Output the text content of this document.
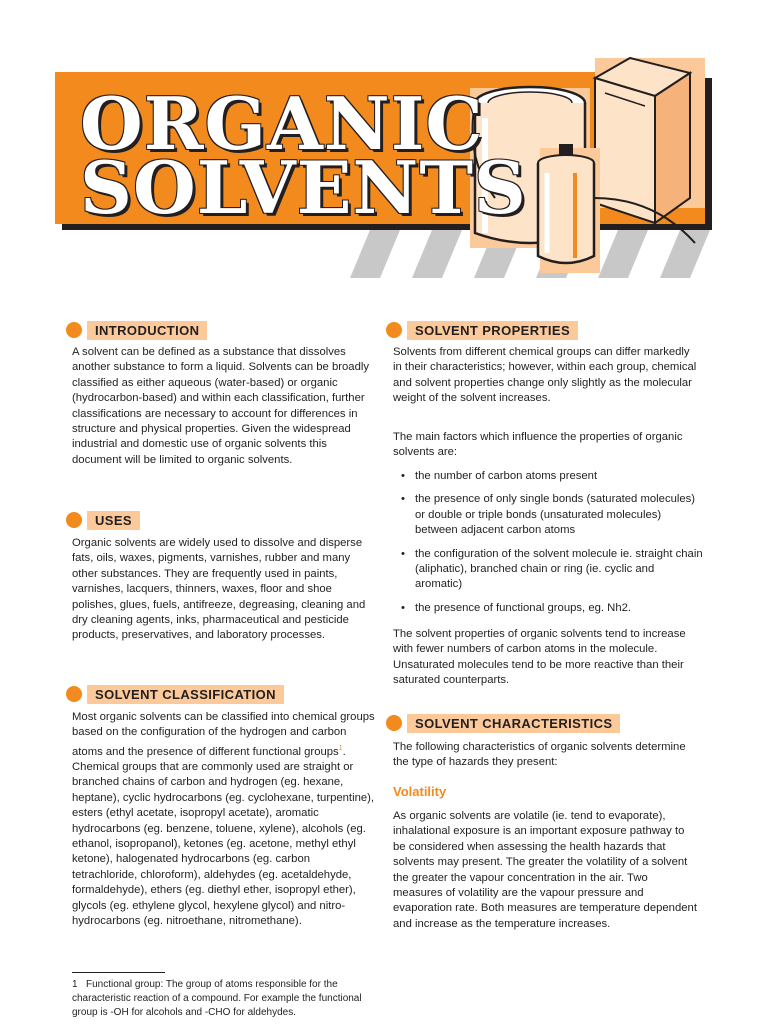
ORGANIC
SOLVENTS
INTRODUCTION

A solvent can be defined as a substance that dissolves another substance to form a liquid. Solvents can be broadly classified as either aqueous (water-based) or organic (hydrocarbon-based) and within each classification, further classifications are necessary to account for differences in structure and physical properties. Given the widespread industrial and domestic use of organic solvents this document will be limited to organic solvents.

USES

Organic solvents are widely used to dissolve and disperse fats, oils, waxes, pigments, varnishes, rubber and many other substances. They are frequently used in paints, varnishes, lacquers, thinners, waxes, floor and shoe polishes, glues, fuels, antifreeze, degreasing, cleaning and dry cleaning agents, inks, pharmaceutical and pesticide products, preservatives, and laboratory processes.

SOLVENT CLASSIFICATION

Most organic solvents can be classified into chemical groups based on the configuration of the hydrogen and carbon atoms and the presence of different functional groups$^1$. Chemical groups that are commonly used are straight or branched chains of carbon and hydrogen (eg. hexane, heptane), cyclic hydrocarbons (eg. cyclohexane, turpentine), esters (ethyl acetate, isopropyl acetate), aromatic hydrocarbons (eg. benzene, toluene, xylene), alcohols (eg. ethanol, isopropanol), ketones (eg. acetone, methyl ethyl ketone), halogenated hydrocarbons (eg. carbon tetrachloride, chloroform), aldehydes (eg. acetaldehyde, formaldehyde), ethers (eg. diethyl ether, isopropyl ether), glycols (eg. ethylene glycol, hexylene glycol) and nitro-hydrocarbons (eg. nitroethane, nitromethane).

1 Functional group: The group of atoms responsible for the characteristic reaction of a compound. For example the functional group is -OH for alcohols and -CHO for aldehydes.

SOLVENT PROPERTIES

Solvents from different chemical groups can differ markedly in their characteristics; however, within each group, chemical and solvent properties change only slightly as the molecular weight of the solvent increases.

The main factors which influence the properties of organic solvents are:

• the number of carbon atoms present
• the presence of only single bonds (saturated molecules) or double or triple bonds (unsaturated molecules) between adjacent carbon atoms
• the configuration of the solvent molecule ie. straight chain (aliphatic), branched chain or ring (ie. cyclic and aromatic)
• the presence of functional groups, eg. Nh2.

The solvent properties of organic solvents tend to increase with fewer numbers of carbon atoms in the molecule. Unsaturated molecules tend to be more reactive than their saturated counterparts.

SOLVENT CHARACTERISTICS

The following characteristics of organic solvents determine the type of hazards they present:

Volatility

As organic solvents are volatile (ie. tend to evaporate), inhalational exposure is an important exposure pathway to be considered when assessing the health hazards that solvents may present. The greater the volatility of a solvent the greater the vapour concentration in the air. Two measures of volatility are the vapour pressure and evaporation rate. Both measures are temperature dependent and increase as the temperature increases.
